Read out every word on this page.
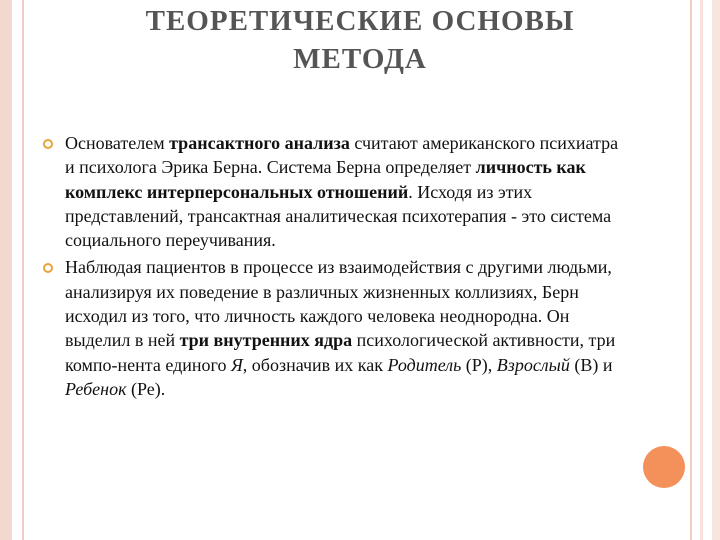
ТЕОРЕТИЧЕСКИЕ ОСНОВЫ
МЕТОДА
Основателем трансактного анализа считают американского психиатра и психолога Эрика Берна. Система Берна определяет личность как комплекс интерперсональных отношений. Исходя из этих представлений, трансактная аналитическая психотерапия - это система социального переучивания.
Наблюдая пациентов в процессе из взаимодействия с другими людьми, анализируя их поведение в различных жизненных коллизиях, Берн исходил из того, что личность каждого человека неоднородна. Он выделил в ней три внутренних ядра психологической активности, три компо-нента единого Я, обозначив их как Родитель (Р), Взрослый (В) и Ребенок (Ре).
